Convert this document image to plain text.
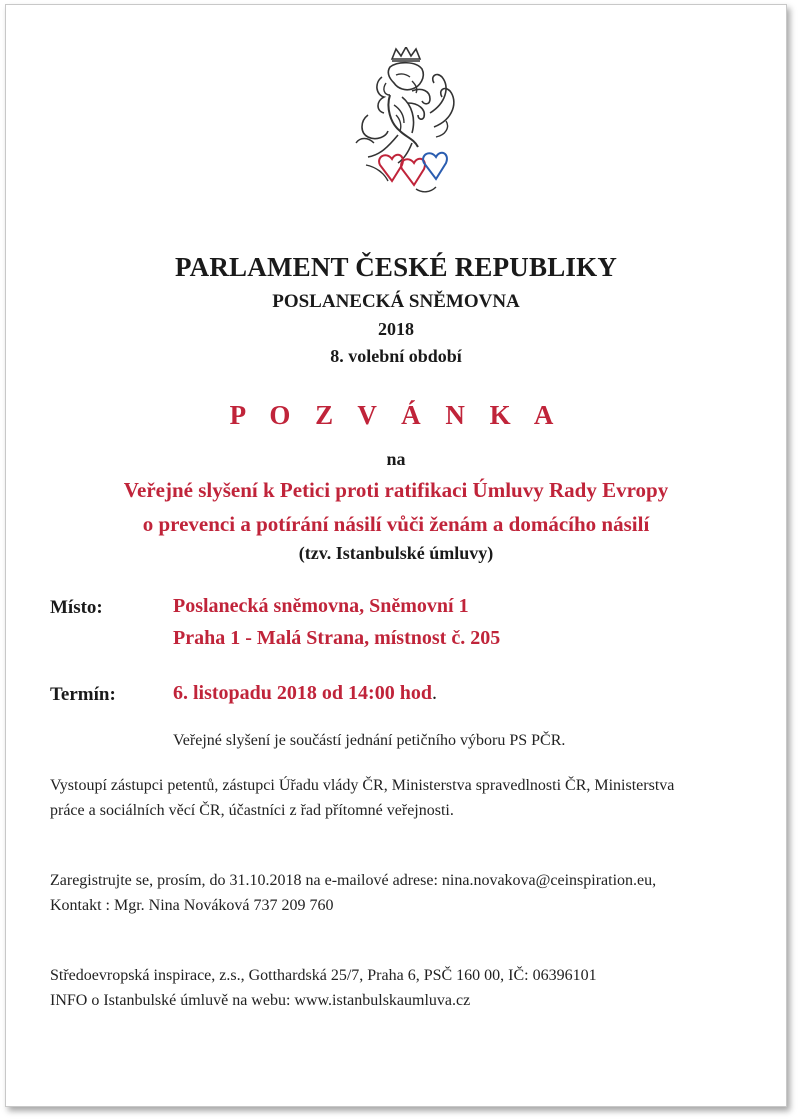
PARLAMENT ČESKÉ REPUBLIKY
POSLANECKÁ SNĚMOVNA
2018
8. volební období
P O Z V Á N K A
na
Veřejné slyšení k Petici proti ratifikaci Úmluvy Rady Evropy
o prevenci a potírání násilí vůči ženám a domácího násilí
(tzv. Istanbulské úmluvy)
Místo:	Poslanecká sněmovna, Sněmovní 1
Praha 1 - Malá Strana, místnost č. 205
Termín:	6. listopadu 2018 od 14:00 hod.
Veřejné slyšení je součástí jednání petičního výboru PS PČR.
Vystoupí zástupci petentů, zástupci Úřadu vlády ČR, Ministerstva spravedlnosti ČR, Ministerstva
práce a sociálních věcí ČR, účastníci z řad přítomné veřejnosti.
Zaregistrujte se, prosím, do 31.10.2018 na e-mailové adrese: nina.novakova@ceinspiration.eu,
Kontakt : Mgr. Nina Nováková 737 209 760
Středoevropská inspirace, z.s., Gotthardská 25/7, Praha 6, PSČ 160 00, IČ: 06396101
INFO o Istanbulské úmluvě na webu: www.istanbulskaumluva.cz
